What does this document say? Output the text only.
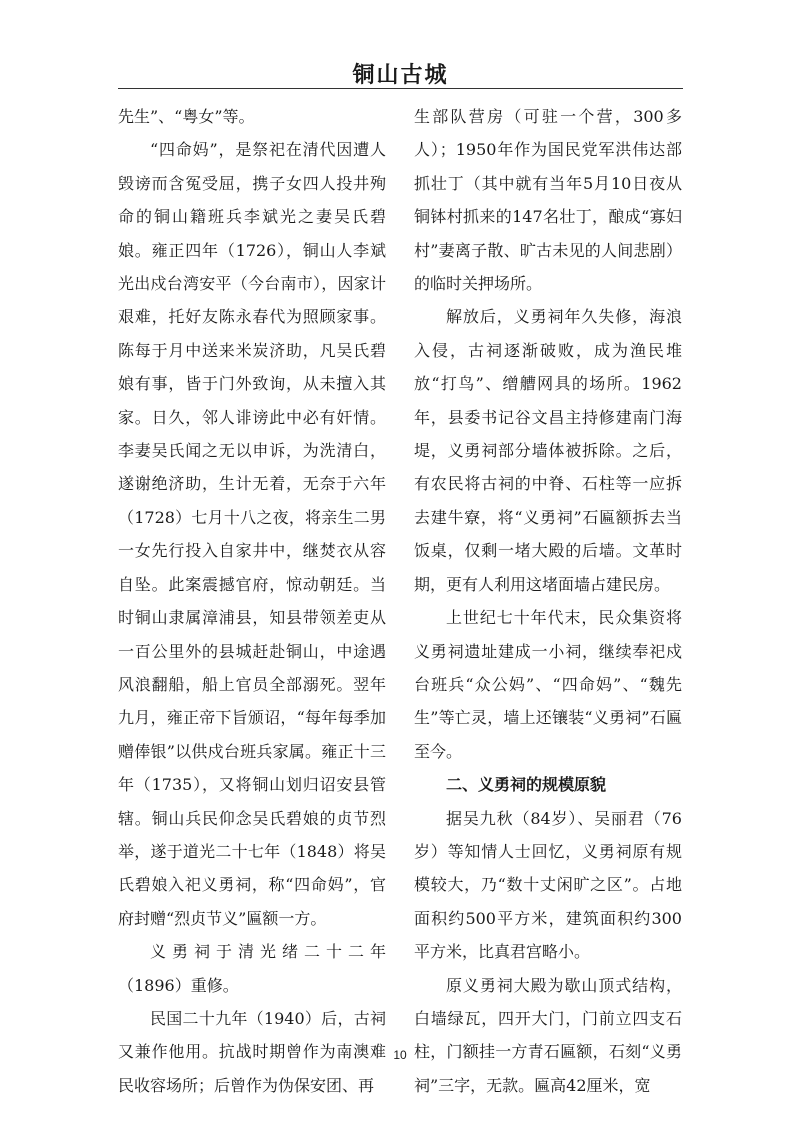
铜山古城

先生”、“粤女”等。

“四命妈”，是祭祀在清代因遭人毁谤而含冤受屈，携子女四人投井殉命的铜山籍班兵李斌光之妻吴氏碧娘。雍正四年（1726），铜山人李斌光出戍台湾安平（今台南市），因家计艰难，托好友陈永春代为照顾家事。陈每于月中送来米炭济助，凡吴氏碧娘有事，皆于门外致询，从未擅入其家。日久，邻人诽谤此中必有奸情。李妻吴氏闻之无以申诉，为洗清白，遂谢绝济助，生计无着，无奈于六年（1728）七月十八之夜，将亲生二男一女先行投入自家井中，继焚衣从容自坠。此案震撼官府，惊动朝廷。当时铜山隶属漳浦县，知县带领差吏从一百公里外的县城赶赴铜山，中途遇风浪翻船，船上官员全部溺死。翌年九月，雍正帝下旨颁诏，“每年每季加赠俸银”以供戍台班兵家属。雍正十三年（1735），又将铜山划归诏安县管辖。铜山兵民仰念吴氏碧娘的贞节烈举，遂于道光二十七年（1848）将吴氏碧娘入祀义勇祠，称“四命妈”，官府封赠“烈贞节义”匾额一方。

义勇祠于清光绪二十二年（1896）重修。

民国二十九年（1940）后，古祠又兼作他用。抗战时期曾作为南澳难民收容场所；后曾作为伪保安团、再

生部队营房（可驻一个营，300多人）；1950年作为国民党军洪伟达部抓壮丁（其中就有当年5月10日夜从铜钵村抓来的147名壮丁，酿成“寡妇村”妻离子散、旷古未见的人间悲剧）的临时关押场所。

解放后，义勇祠年久失修，海浪入侵，古祠逐渐破败，成为渔民堆放“打鸟”、缯艚网具的场所。1962年，县委书记谷文昌主持修建南门海堤，义勇祠部分墙体被拆除。之后，有农民将古祠的中脊、石柱等一应拆去建牛寮，将“义勇祠”石匾额拆去当饭桌，仅剩一堵大殿的后墙。文革时期，更有人利用这堵面墙占建民房。

上世纪七十年代末，民众集资将义勇祠遗址建成一小祠，继续奉祀戍台班兵“众公妈”、“四命妈”、“魏先生”等亡灵，墙上还镶装“义勇祠”石匾至今。

二、义勇祠的规模原貌

据吴九秋（84岁）、吴丽君（76岁）等知情人士回忆，义勇祠原有规模较大，乃“数十丈闲旷之区”。占地面积约500平方米，建筑面积约300平方米，比真君宫略小。

原义勇祠大殿为歇山顶式结构，白墙绿瓦，四开大门，门前立四支石柱，门额挂一方青石匾额，石刻“义勇祠”三字，无款。匾高42厘米，宽

10
